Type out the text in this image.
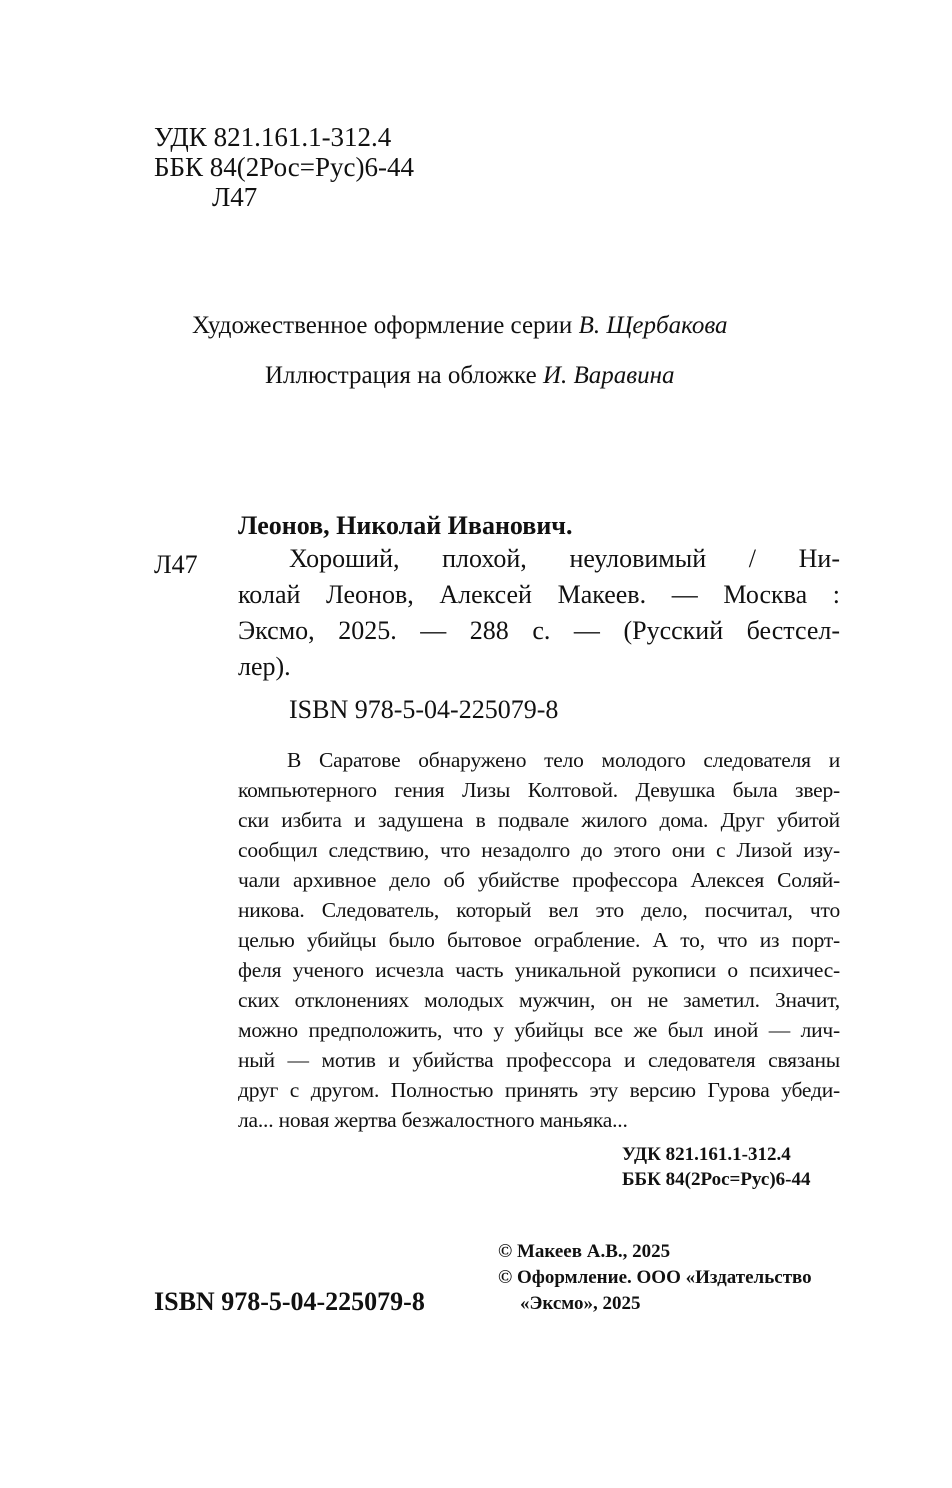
УДК 821.161.1-312.4
ББК 84(2Рос=Рус)6-44
Л47
Художественное оформление серии В. Щербакова
Иллюстрация на обложке И. Варавина
Леонов, Николай Иванович.
Л47	Хороший, плохой, неуловимый / Ни-
колай Леонов, Алексей Макеев. — Москва :
Эксмо, 2025. — 288 с. — (Русский бестсел-
лер).
ISBN 978-5-04-225079-8
В Саратове обнаружено тело молодого следователя и
компьютерного гения Лизы Колтовой. Девушка была звер-
ски избита и задушена в подвале жилого дома. Друг убитой
сообщил следствию, что незадолго до этого они с Лизой изу-
чали архивное дело об убийстве профессора Алексея Соляй-
никова. Следователь, который вел это дело, посчитал, что
целью убийцы было бытовое ограбление. А то, что из порт-
феля ученого исчезла часть уникальной рукописи о психичес-
ских отклонениях молодых мужчин, он не заметил. Значит,
можно предположить, что у убийцы все же был иной — лич-
ный — мотив и убийства профессора и следователя связаны
друг с другом. Полностью принять эту версию Гурова убеди-
ла... новая жертва безжалостного маньяка...
УДК 821.161.1-312.4
ББК 84(2Рос=Рус)6-44
© Макеев А.В., 2025
© Оформление. ООО «Издательство
«Эксмо», 2025
ISBN 978-5-04-225079-8
